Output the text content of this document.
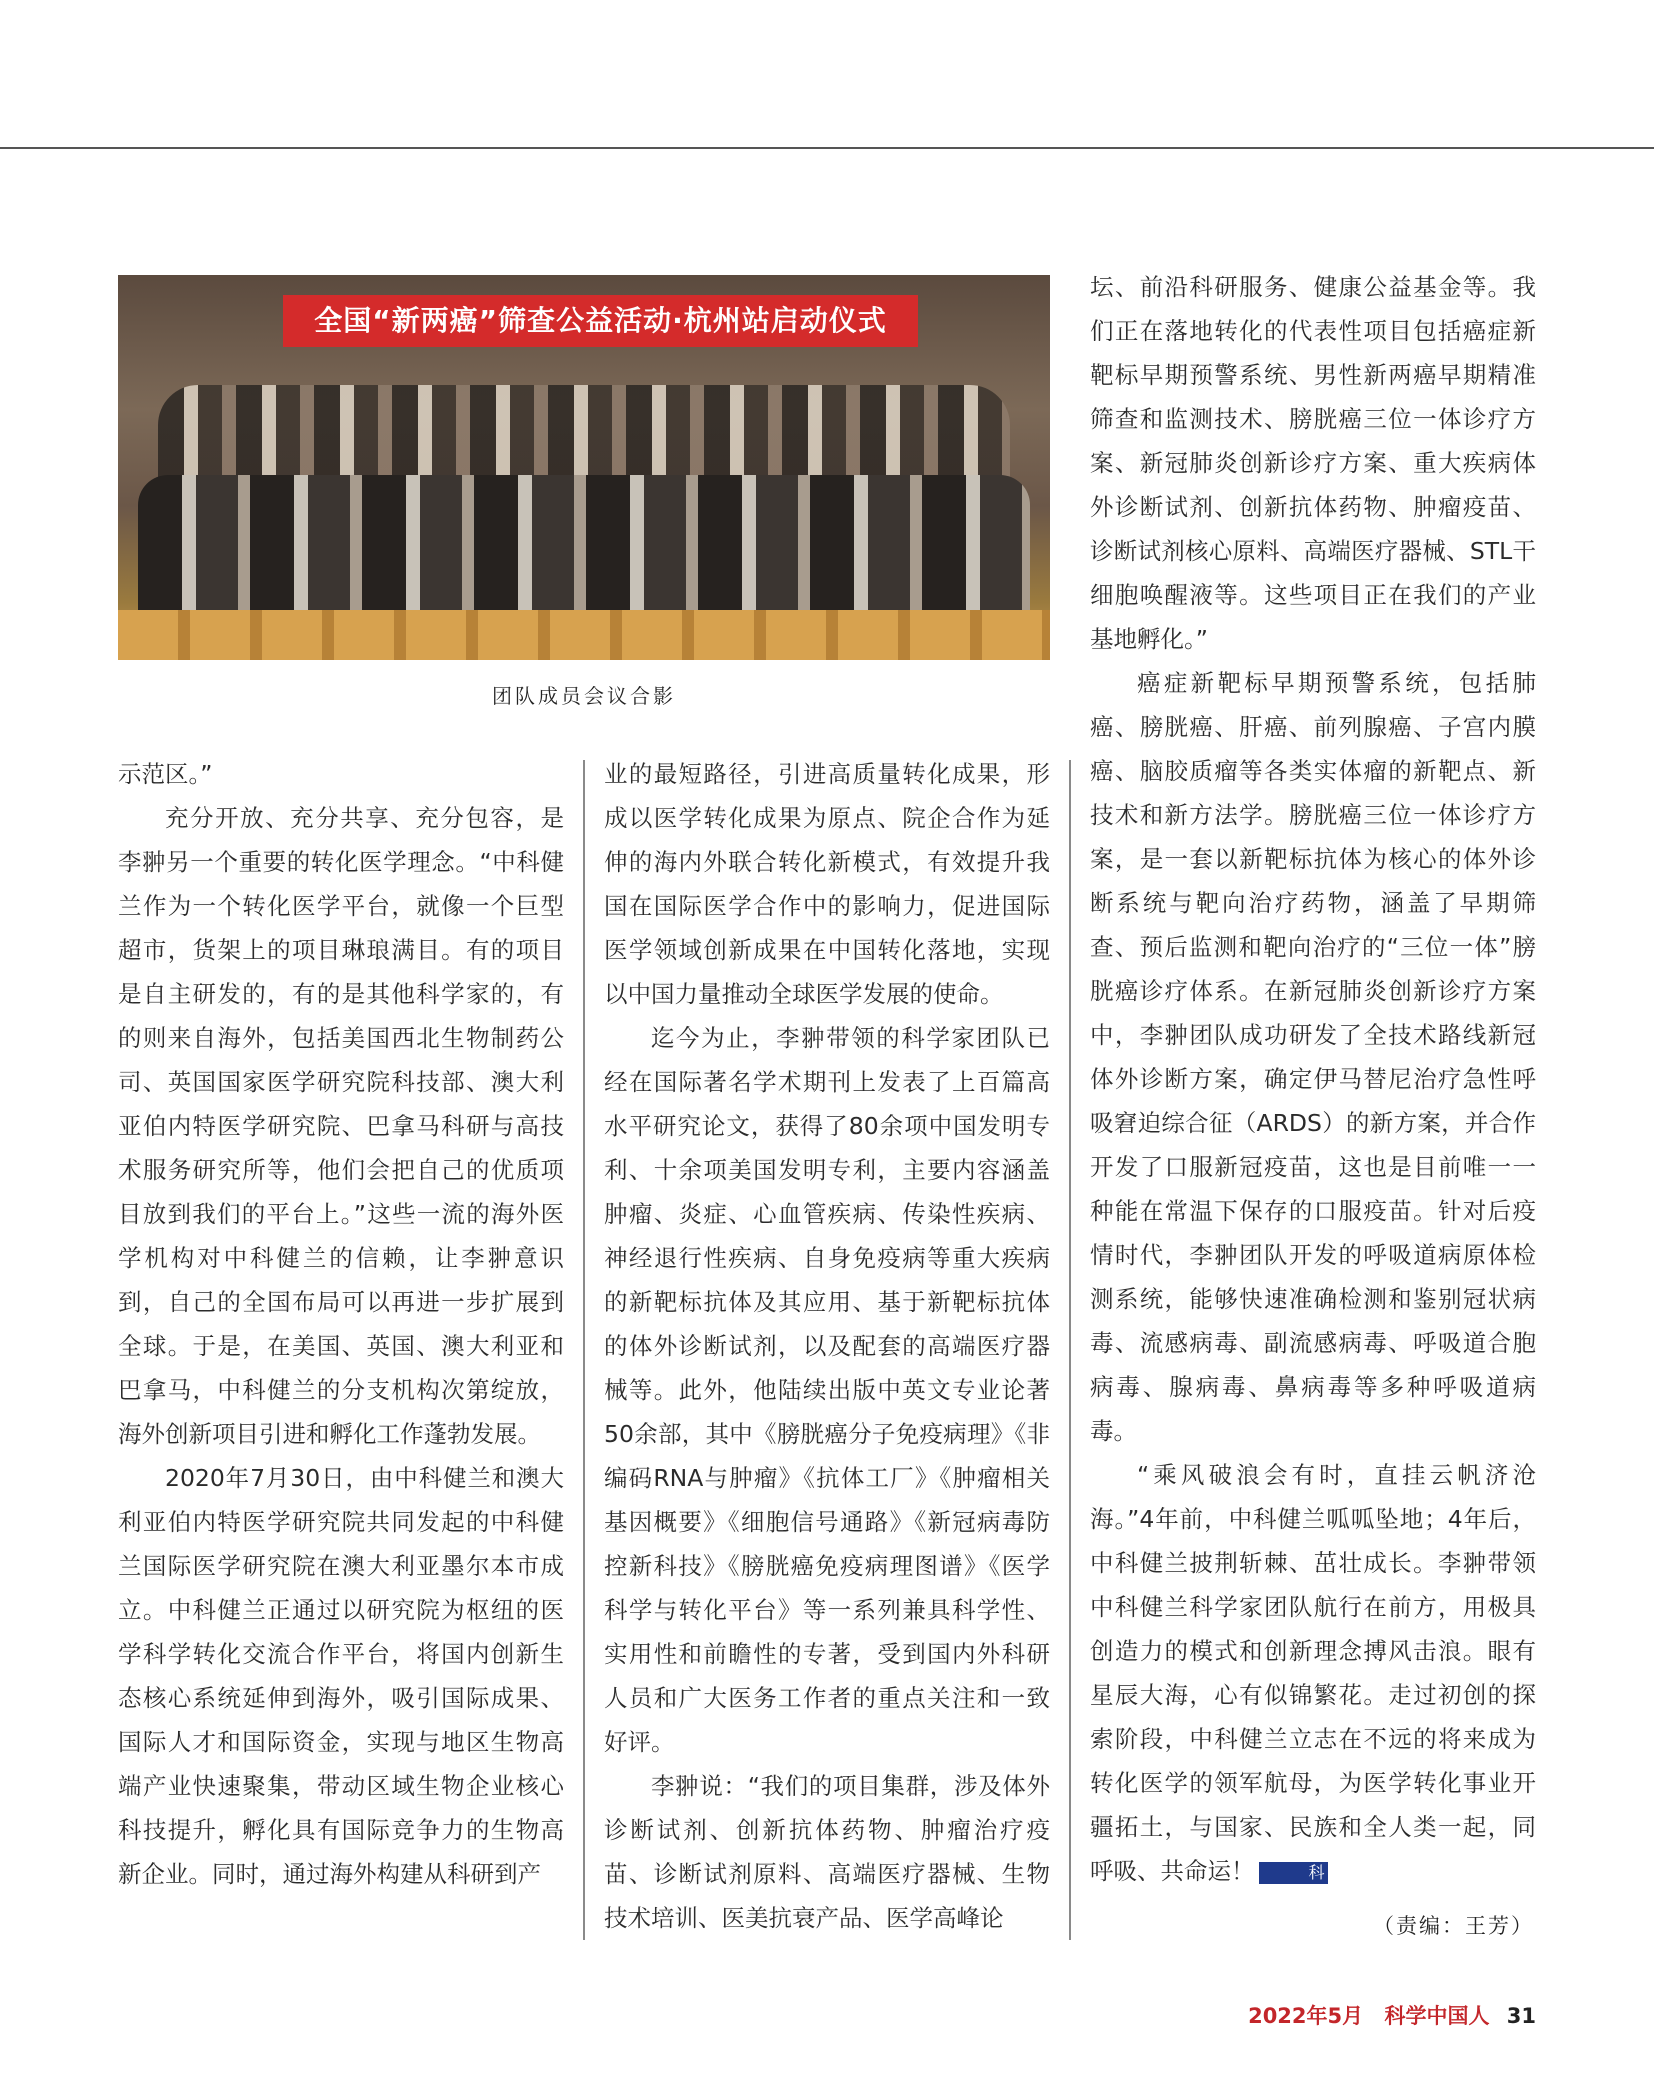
全国“新两癌”筛查公益活动·杭州站启动仪式
团队成员会议合影

示范区。”

充分开放、充分共享、充分包容，是李翀另一个重要的转化医学理念。“中科健兰作为一个转化医学平台，就像一个巨型超市，货架上的项目琳琅满目。有的项目是自主研发的，有的是其他科学家的，有的则来自海外，包括美国西北生物制药公司、英国国家医学研究院科技部、澳大利亚伯内特医学研究院、巴拿马科研与高技术服务研究所等，他们会把自己的优质项目放到我们的平台上。”这些一流的海外医学机构对中科健兰的信赖，让李翀意识到，自己的全国布局可以再进一步扩展到全球。于是，在美国、英国、澳大利亚和巴拿马，中科健兰的分支机构次第绽放，海外创新项目引进和孵化工作蓬勃发展。

2020年7月30日，由中科健兰和澳大利亚伯内特医学研究院共同发起的中科健兰国际医学研究院在澳大利亚墨尔本市成立。中科健兰正通过以研究院为枢纽的医学科学转化交流合作平台，将国内创新生态核心系统延伸到海外，吸引国际成果、国际人才和国际资金，实现与地区生物高端产业快速聚集，带动区域生物企业核心科技提升，孵化具有国际竞争力的生物高新企业。同时，通过海外构建从科研到产

业的最短路径，引进高质量转化成果，形成以医学转化成果为原点、院企合作为延伸的海内外联合转化新模式，有效提升我国在国际医学合作中的影响力，促进国际医学领域创新成果在中国转化落地，实现以中国力量推动全球医学发展的使命。

迄今为止，李翀带领的科学家团队已经在国际著名学术期刊上发表了上百篇高水平研究论文，获得了80余项中国发明专利、十余项美国发明专利，主要内容涵盖肿瘤、炎症、心血管疾病、传染性疾病、神经退行性疾病、自身免疫病等重大疾病的新靶标抗体及其应用、基于新靶标抗体的体外诊断试剂，以及配套的高端医疗器械等。此外，他陆续出版中英文专业论著50余部，其中《膀胱癌分子免疫病理》《非编码RNA与肿瘤》《抗体工厂》《肿瘤相关基因概要》《细胞信号通路》《新冠病毒防控新科技》《膀胱癌免疫病理图谱》《医学科学与转化平台》等一系列兼具科学性、实用性和前瞻性的专著，受到国内外科研人员和广大医务工作者的重点关注和一致好评。

李翀说：“我们的项目集群，涉及体外诊断试剂、创新抗体药物、肿瘤治疗疫苗、诊断试剂原料、高端医疗器械、生物技术培训、医美抗衰产品、医学高峰论

坛、前沿科研服务、健康公益基金等。我们正在落地转化的代表性项目包括癌症新靶标早期预警系统、男性新两癌早期精准筛查和监测技术、膀胱癌三位一体诊疗方案、新冠肺炎创新诊疗方案、重大疾病体外诊断试剂、创新抗体药物、肿瘤疫苗、诊断试剂核心原料、高端医疗器械、STL干细胞唤醒液等。这些项目正在我们的产业基地孵化。”

癌症新靶标早期预警系统，包括肺癌、膀胱癌、肝癌、前列腺癌、子宫内膜癌、脑胶质瘤等各类实体瘤的新靶点、新技术和新方法学。膀胱癌三位一体诊疗方案，是一套以新靶标抗体为核心的体外诊断系统与靶向治疗药物，涵盖了早期筛查、预后监测和靶向治疗的“三位一体”膀胱癌诊疗体系。在新冠肺炎创新诊疗方案中，李翀团队成功研发了全技术路线新冠体外诊断方案，确定伊马替尼治疗急性呼吸窘迫综合征（ARDS）的新方案，并合作开发了口服新冠疫苗，这也是目前唯一一种能在常温下保存的口服疫苗。针对后疫情时代，李翀团队开发的呼吸道病原体检测系统，能够快速准确检测和鉴别冠状病毒、流感病毒、副流感病毒、呼吸道合胞病毒、腺病毒、鼻病毒等多种呼吸道病毒。

“乘风破浪会有时，直挂云帆济沧海。”4年前，中科健兰呱呱坠地；4年后，中科健兰披荆斩棘、茁壮成长。李翀带领中科健兰科学家团队航行在前方，用极具创造力的模式和创新理念搏风击浪。眼有星辰大海，心有似锦繁花。走过初创的探索阶段，中科健兰立志在不远的将来成为转化医学的领军航母，为医学转化事业开疆拓土，与国家、民族和全人类一起，同呼吸、共命运！	科

（责编：王芳）
2022年5月 科学中国人 31
